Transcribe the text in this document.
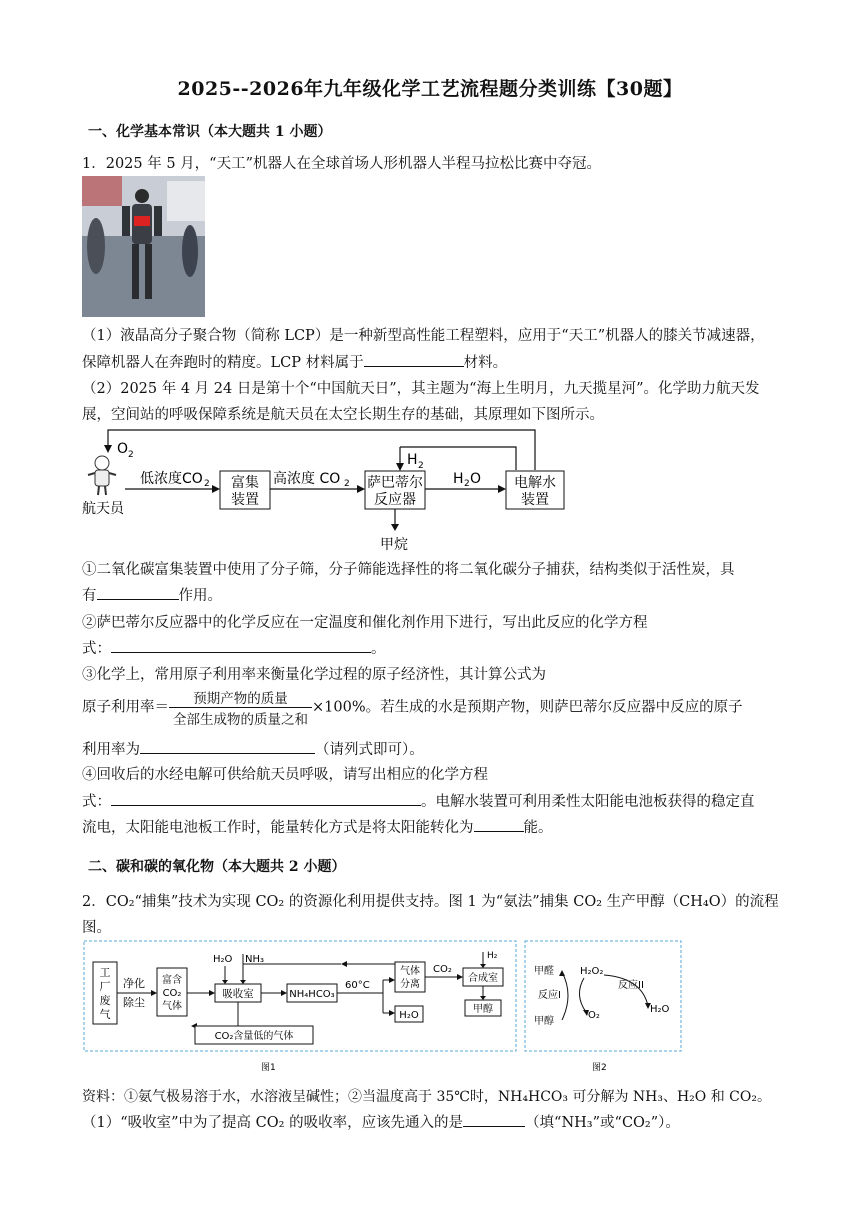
2025--2026年九年级化学工艺流程题分类训练【30题】
一、化学基本常识（本大题共 1 小题）
1．2025 年 5 月，“天工”机器人在全球首场人形机器人半程马拉松比赛中夺冠。
（1）液晶高分子聚合物（简称 LCP）是一种新型高性能工程塑料，应用于“天工”机器人的膝关节减速器，
保障机器人在奔跑时的精度。LCP 材料属于	材料。
（2）2025 年 4 月 24 日是第十个“中国航天日”，其主题为“海上生明月，九天揽星河”。化学助力航天发
展，空间站的呼吸保障系统是航天员在太空长期生存的基础，其原理如下图所示。
O 2
航天员
低浓度CO 2 富集
装置
高浓度 CO 2 萨巴蒂尔
反应器
H 2
H 2 O 电解水
装置
甲烷
①二氧化碳富集装置中使用了分子筛，分子筛能选择性的将二氧化碳分子捕获，结构类似于活性炭，具
有	作用。
②萨巴蒂尔反应器中的化学反应在一定温度和催化剂作用下进行，写出此反应的化学方程
式：	。
③化学上，常用原子利用率来衡量化学过程的原子经济性，其计算公式为
原子利用率＝ $\frac{\text{预期产物的质量}}{\text{全部生成物的质量之和}} \times 100\%$。若生成的水是预期产物，则萨巴蒂尔反应器中反应的原子
利用率为	（请列式即可）。
④回收后的水经电解可供给航天员呼吸，请写出相应的化学方程
式：	。电解水装置可利用柔性太阳能电池板获得的稳定直
流电，太阳能电池板工作时，能量转化方式是将太阳能转化为	能。
二、碳和碳的氧化物（本大题共 2 小题）
2．CO₂“捕集”技术为实现 CO₂ 的资源化利用提供支持。图 1 为“氨法”捕集 CO₂ 生产甲醇（CH₄O）的流程
图。
工
厂
废
气
净化
除尘
富含
CO₂
气体
吸收室
H₂O NH₃
NH₄HCO₃
60°C
气体
分离
H₂O
CO₂
合成室
H₂
甲醇
CO₂含量低的气体
图1
甲醛	H₂O₂
反应I
反应II
O₂
H₂O
甲醇
图2
资料：①氨气极易溶于水，水溶液呈碱性；②当温度高于 35℃时，NH₄HCO₃ 可分解为 NH₃、H₂O 和 CO₂。
（1）“吸收室”中为了提高 CO₂ 的吸收率，应该先通入的是	（填“NH₃”或“CO₂”）。
